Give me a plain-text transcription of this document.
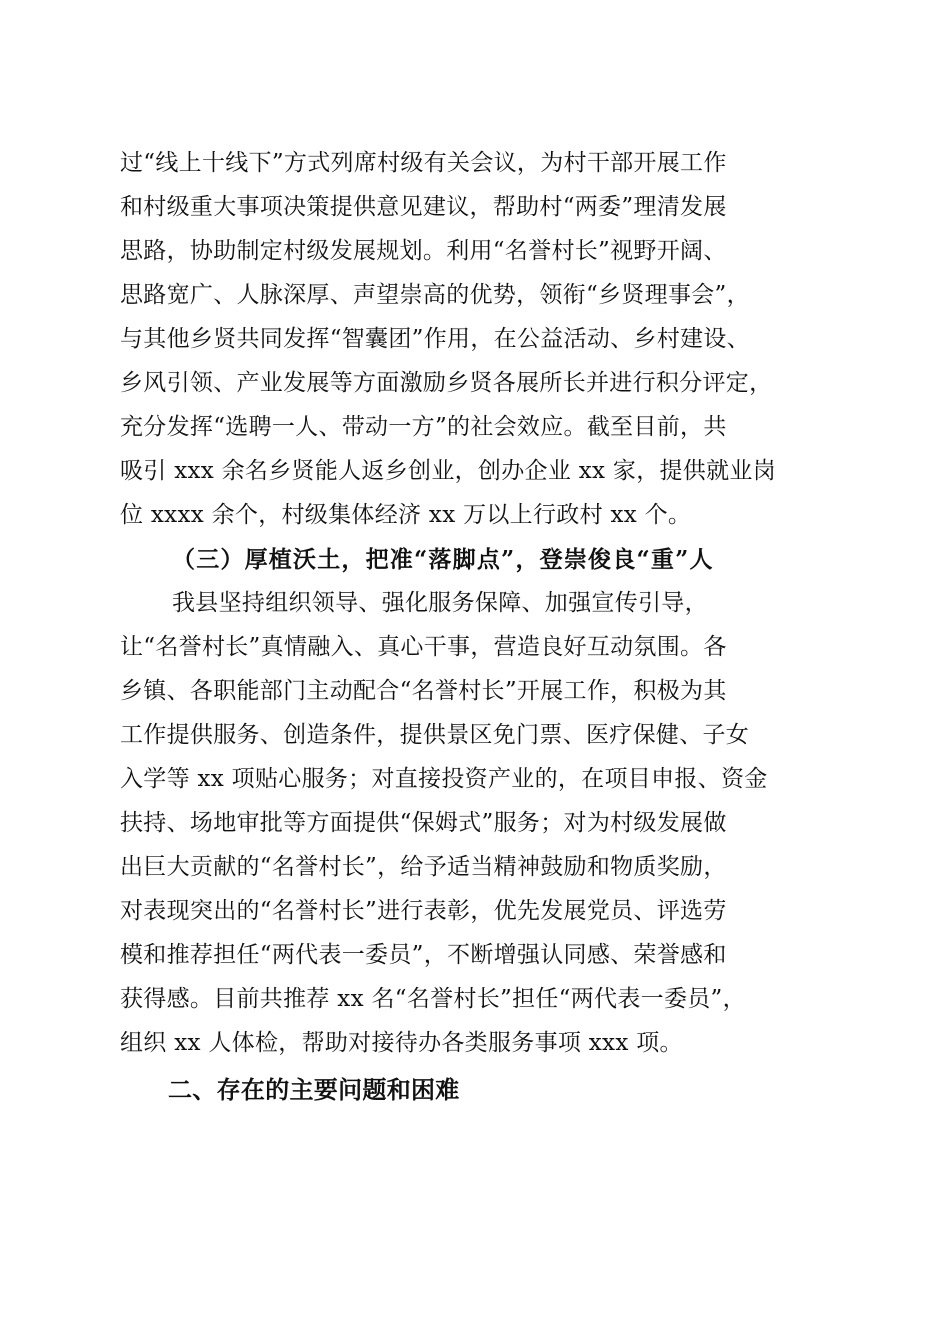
过“线上十线下”方式列席村级有关会议，为村干部开展工作
和村级重大事项决策提供意见建议，帮助村“两委”理清发展
思路，协助制定村级发展规划。利用“名誉村长”视野开阔、
思路宽广、人脉深厚、声望崇高的优势，领衔“乡贤理事会”，
与其他乡贤共同发挥“智囊团”作用，在公益活动、乡村建设、
乡风引领、产业发展等方面激励乡贤各展所长并进行积分评定，
充分发挥“选聘一人、带动一方”的社会效应。截至目前，共
吸引 xxx 余名乡贤能人返乡创业，创办企业 xx 家，提供就业岗
位 xxxx 余个，村级集体经济 xx 万以上行政村 xx 个。
（三）厚植沃土，把准“落脚点”，登崇俊良“重”人
我县坚持组织领导、强化服务保障、加强宣传引导，
让“名誉村长”真情融入、真心干事，营造良好互动氛围。各
乡镇、各职能部门主动配合“名誉村长”开展工作，积极为其
工作提供服务、创造条件，提供景区免门票、医疗保健、子女
入学等 xx 项贴心服务；对直接投资产业的，在项目申报、资金
扶持、场地审批等方面提供“保姆式”服务；对为村级发展做
出巨大贡献的“名誉村长”，给予适当精神鼓励和物质奖励，
对表现突出的“名誉村长”进行表彰，优先发展党员、评选劳
模和推荐担任“两代表一委员”，不断增强认同感、荣誉感和
获得感。目前共推荐 xx 名“名誉村长”担任“两代表一委员”，
组织 xx 人体检，帮助对接待办各类服务事项 xxx 项。
二、存在的主要问题和困难
